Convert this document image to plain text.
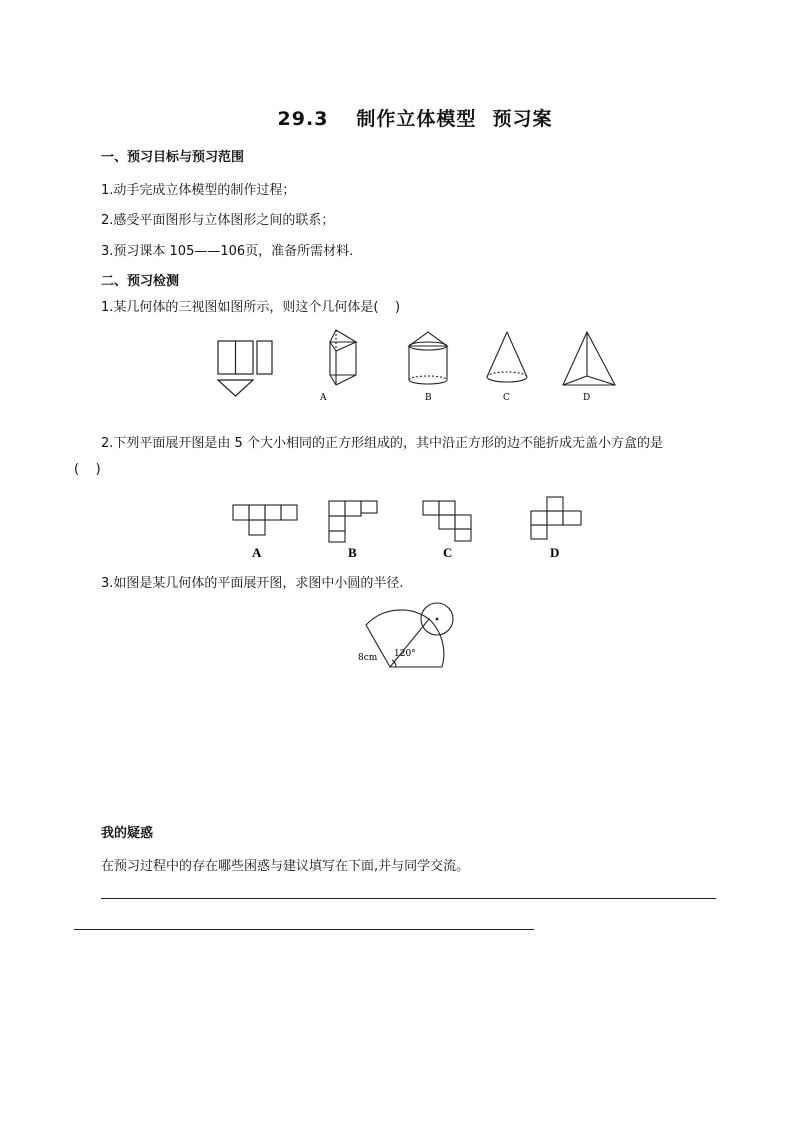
29.3 制作立体模型 预习案
一、预习目标与预习范围
1.动手完成立体模型的制作过程；
2.感受平面图形与立体图形之间的联系；
3.预习课本 105——106页，准备所需材料.
二、预习检测
1.某几何体的三视图如图所示，则这个几何体是(    )
A	B	C	D
2.下列平面展开图是由 5 个大小相同的正方形组成的，其中沿正方形的边不能折成无盖小方盒的是
(    )
A	B	C	D
3.如图是某几何体的平面展开图，求图中小圆的半径.
8cm 120°
我的疑惑
在预习过程中的存在哪些困惑与建议填写在下面,并与同学交流。
